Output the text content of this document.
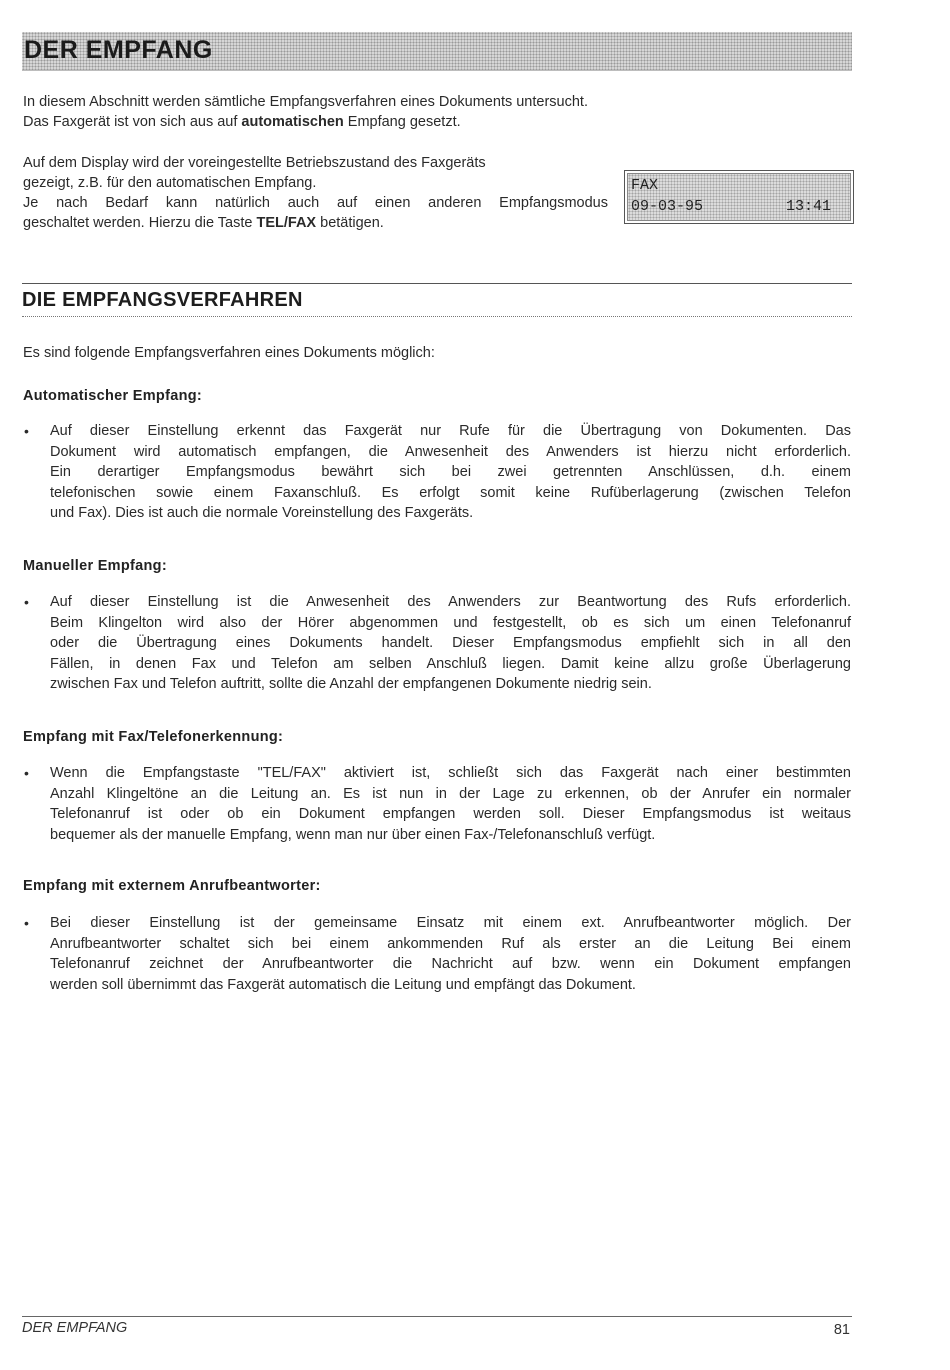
DER EMPFANG
In diesem Abschnitt werden sämtliche Empfangsverfahren eines Dokuments untersucht.
Das Faxgerät ist von sich aus auf automatischen Empfang gesetzt.
Auf dem Display wird der voreingestellte Betriebszustand des Faxgeräts
gezeigt, z.B. für den automatischen Empfang.
Je nach Bedarf kann natürlich auch auf einen anderen Empfangsmodus
geschaltet werden. Hierzu die Taste TEL/FAX betätigen.
FAX
09-03-95	13:41
DIE EMPFANGSVERFAHREN
Es sind folgende Empfangsverfahren eines Dokuments möglich:
Automatischer Empfang:
• Auf dieser Einstellung erkennt das Faxgerät nur Rufe für die Übertragung von Dokumenten. Das
Dokument wird automatisch empfangen, die Anwesenheit des Anwenders ist hierzu nicht erforderlich.
Ein derartiger Empfangsmodus bewährt sich bei zwei getrennten Anschlüssen, d.h. einem
telefonischen sowie einem Faxanschluß. Es erfolgt somit keine Rufüberlagerung (zwischen Telefon
und Fax). Dies ist auch die normale Voreinstellung des Faxgeräts.
Manueller Empfang:
• Auf dieser Einstellung ist die Anwesenheit des Anwenders zur Beantwortung des Rufs erforderlich.
Beim Klingelton wird also der Hörer abgenommen und festgestellt, ob es sich um einen Telefonanruf
oder die Übertragung eines Dokuments handelt. Dieser Empfangsmodus empfiehlt sich in all den
Fällen, in denen Fax und Telefon am selben Anschluß liegen. Damit keine allzu große Überlagerung
zwischen Fax und Telefon auftritt, sollte die Anzahl der empfangenen Dokumente niedrig sein.
Empfang mit Fax/Telefonerkennung:
• Wenn die Empfangstaste "TEL/FAX" aktiviert ist, schließt sich das Faxgerät nach einer bestimmten
Anzahl Klingeltöne an die Leitung an. Es ist nun in der Lage zu erkennen, ob der Anrufer ein normaler
Telefonanruf ist oder ob ein Dokument empfangen werden soll. Dieser Empfangsmodus ist weitaus
bequemer als der manuelle Empfang, wenn man nur über einen Fax-/Telefonanschluß verfügt.
Empfang mit externem Anrufbeantworter:
• Bei dieser Einstellung ist der gemeinsame Einsatz mit einem ext. Anrufbeantworter möglich. Der
Anrufbeantworter schaltet sich bei einem ankommenden Ruf als erster an die Leitung Bei einem
Telefonanruf zeichnet der Anrufbeantworter die Nachricht auf bzw. wenn ein Dokument empfangen
werden soll übernimmt das Faxgerät automatisch die Leitung und empfängt das Dokument.
DER EMPFANG	81
